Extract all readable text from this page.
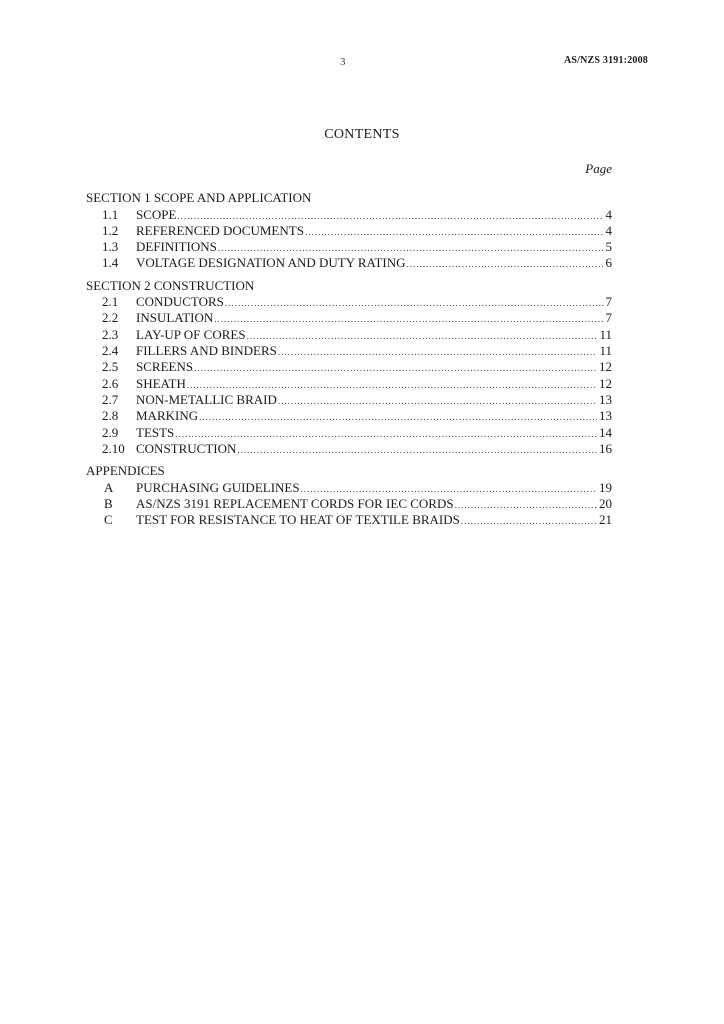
3	AS/NZS 3191:2008
CONTENTS
Page
SECTION 1 SCOPE AND APPLICATION
1.1	SCOPE .....	4
1.2	REFERENCED DOCUMENTS .....	4
1.3	DEFINITIONS .....	5
1.4	VOLTAGE DESIGNATION AND DUTY RATING .....	6
SECTION 2 CONSTRUCTION
2.1	CONDUCTORS .....	7
2.2	INSULATION .....	7
2.3	LAY-UP OF CORES .....	11
2.4	FILLERS AND BINDERS .....	11
2.5	SCREENS .....	12
2.6	SHEATH .....	12
2.7	NON-METALLIC BRAID .....	13
2.8	MARKING .....	13
2.9	TESTS .....	14
2.10 CONSTRUCTION .....	16
APPENDICES
A	PURCHASING GUIDELINES .....	19
B	AS/NZS 3191 REPLACEMENT CORDS FOR IEC CORDS .....	20
C	TEST FOR RESISTANCE TO HEAT OF TEXTILE BRAIDS .....	21
